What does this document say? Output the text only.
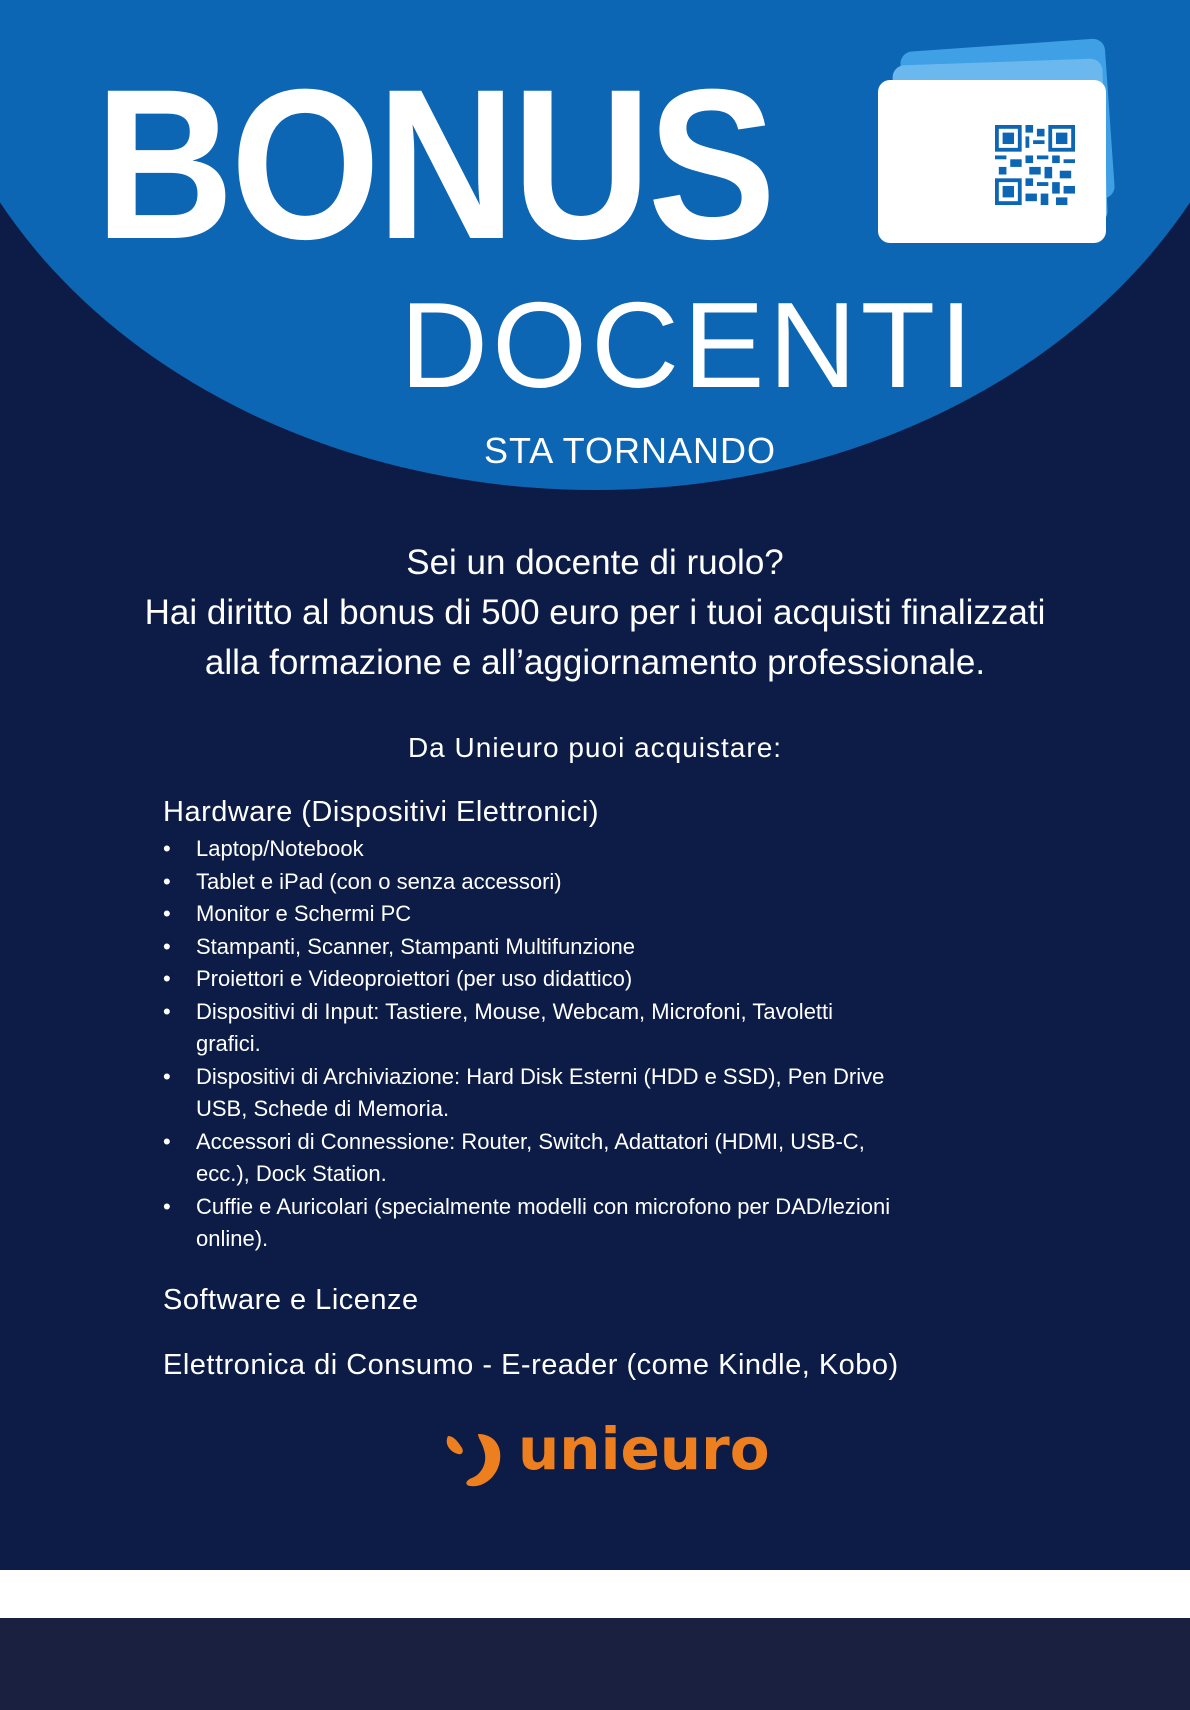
BONUS
DOCENTI
STA TORNANDO
Sei un docente di ruolo?
Hai diritto al bonus di 500 euro per i tuoi acquisti finalizzati
alla formazione e all’aggiornamento professionale.
Da Unieuro puoi acquistare:
Hardware (Dispositivi Elettronici)
• Laptop/Notebook
• Tablet e iPad (con o senza accessori)
• Monitor e Schermi PC
• Stampanti, Scanner, Stampanti Multifunzione
• Proiettori e Videoproiettori (per uso didattico)
• Dispositivi di Input: Tastiere, Mouse, Webcam, Microfoni, Tavoletti
grafici.
• Dispositivi di Archiviazione: Hard Disk Esterni (HDD e SSD), Pen Drive
USB, Schede di Memoria.
• Accessori di Connessione: Router, Switch, Adattatori (HDMI, USB-C,
ecc.), Dock Station.
• Cuffie e Auricolari (specialmente modelli con microfono per DAD/lezioni
online).
Software e Licenze
Elettronica di Consumo - E-reader (come Kindle, Kobo)
unieuro
